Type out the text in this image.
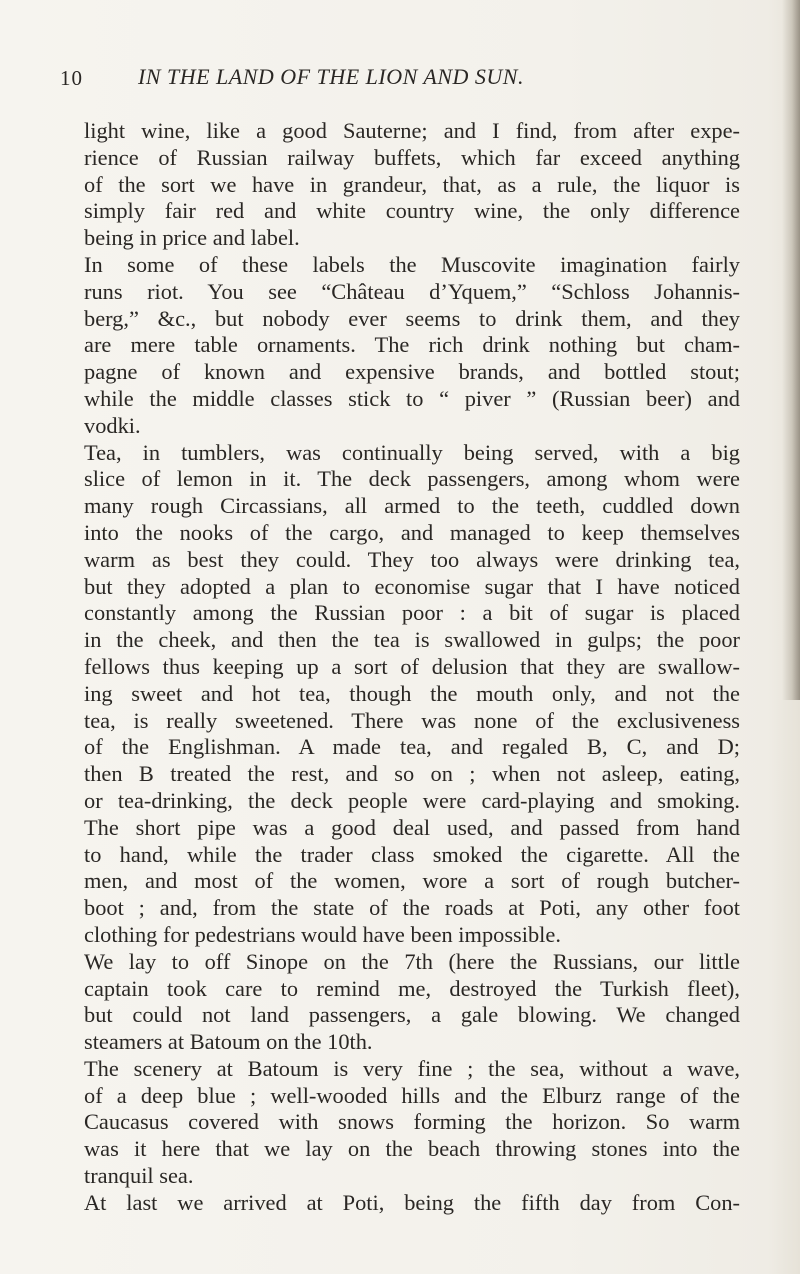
10	IN THE LAND OF THE LION AND SUN.
light wine, like a good Sauterne; and I find, from after expe-
rience of Russian railway buffets, which far exceed anything
of the sort we have in grandeur, that, as a rule, the liquor is
simply fair red and white country wine, the only difference
being in price and label.
In some of these labels the Muscovite imagination fairly
runs riot. You see “Château d’Yquem,” “Schloss Johannis-
berg,” &c., but nobody ever seems to drink them, and they
are mere table ornaments. The rich drink nothing but cham-
pagne of known and expensive brands, and bottled stout;
while the middle classes stick to “ piver ” (Russian beer) and
vodki.
Tea, in tumblers, was continually being served, with a big
slice of lemon in it. The deck passengers, among whom were
many rough Circassians, all armed to the teeth, cuddled down
into the nooks of the cargo, and managed to keep themselves
warm as best they could. They too always were drinking tea,
but they adopted a plan to economise sugar that I have noticed
constantly among the Russian poor : a bit of sugar is placed
in the cheek, and then the tea is swallowed in gulps; the poor
fellows thus keeping up a sort of delusion that they are swallow-
ing sweet and hot tea, though the mouth only, and not the
tea, is really sweetened. There was none of the exclusiveness
of the Englishman. A made tea, and regaled B, C, and D;
then B treated the rest, and so on ; when not asleep, eating,
or tea-drinking, the deck people were card-playing and smoking.
The short pipe was a good deal used, and passed from hand
to hand, while the trader class smoked the cigarette. All the
men, and most of the women, wore a sort of rough butcher-
boot ; and, from the state of the roads at Poti, any other foot
clothing for pedestrians would have been impossible.
We lay to off Sinope on the 7th (here the Russians, our little
captain took care to remind me, destroyed the Turkish fleet),
but could not land passengers, a gale blowing. We changed
steamers at Batoum on the 10th.
The scenery at Batoum is very fine ; the sea, without a wave,
of a deep blue ; well-wooded hills and the Elburz range of the
Caucasus covered with snows forming the horizon. So warm
was it here that we lay on the beach throwing stones into the
tranquil sea.
At last we arrived at Poti, being the fifth day from Con-
